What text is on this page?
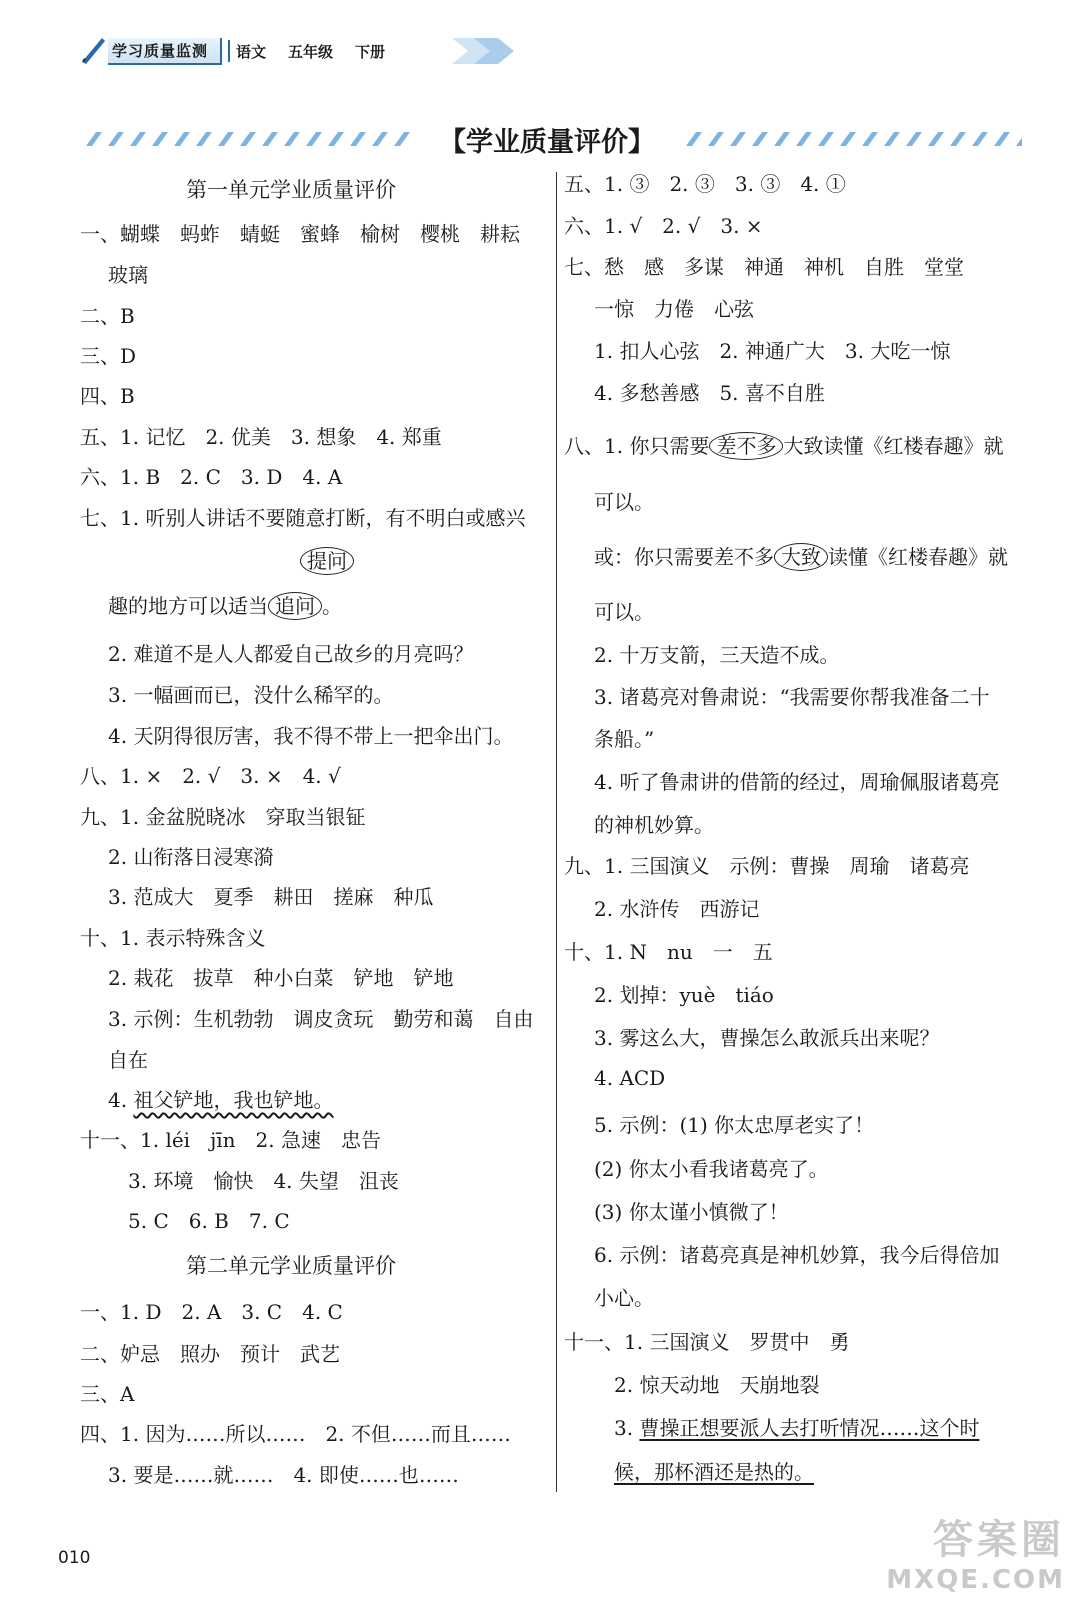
学习质量监测	语文 五年级 下册
【学业质量评价】
第一单元学业质量评价
一、蝴蝶　蚂蚱　蜻蜓　蜜蜂　榆树　樱桃　耕耘
玻璃
二、B
三、D
四、B
五、1. 记忆　2. 优美　3. 想象　4. 郑重
六、1. B　2. C　3. D　4. A
七、1. 听别人讲话不要随意打断，有不明白或感兴
提问
趣的地方可以适当 追问 。
2. 难道不是人人都爱自己故乡的月亮吗？
3. 一幅画而已，没什么稀罕的。
4. 天阴得很厉害，我不得不带上一把伞出门。
八、1. ×　2. √　3. ×　4. √
九、1. 金盆脱晓冰　穿取当银钲
2. 山衔落日浸寒漪
3. 范成大　夏季　耕田　搓麻　种瓜
十、1. 表示特殊含义
2. 栽花　拔草　种小白菜　铲地　铲地
3. 示例：生机勃勃　调皮贪玩　勤劳和蔼　自由
自在
4. 祖父铲地，我也铲地。
十一、1. léi　jīn　2. 急速　忠告
3. 环境　愉快　4. 失望　沮丧
5. C　6. B　7. C
第二单元学业质量评价
一、1. D　2. A　3. C　4. C
二、妒忌　照办　预计　武艺
三、A
四、1. 因为……所以……　2. 不但……而且……
3. 要是……就……　4. 即使……也……
五、1. ③　2. ③　3. ③　4. ①
六、1. √　2. √　3. ×
七、愁　感　多谋　神通　神机　自胜　堂堂
一惊　力倦　心弦
1. 扣人心弦　2. 神通广大　3. 大吃一惊
4. 多愁善感　5. 喜不自胜
八、1. 你只需要 差不多 大致读懂《红楼春趣》就
可以。
或：你只需要差不多 大致 读懂《红楼春趣》就
可以。
2. 十万支箭，三天造不成。
3. 诸葛亮对鲁肃说：“我需要你帮我准备二十
条船。”
4. 听了鲁肃讲的借箭的经过，周瑜佩服诸葛亮
的神机妙算。
九、1. 三国演义　示例：曹操　周瑜　诸葛亮
2. 水浒传　西游记
十、1. N　nu　一　五
2. 划掉：yuè　tiáo
3. 雾这么大，曹操怎么敢派兵出来呢？
4. ACD
5. 示例：(1) 你太忠厚老实了！
(2) 你太小看我诸葛亮了。
(3) 你太谨小慎微了！
6. 示例：诸葛亮真是神机妙算，我今后得倍加
小心。
十一、1. 三国演义　罗贯中　勇
2. 惊天动地　天崩地裂
3. 曹操正想要派人去打听情况……这个时
候，那杯酒还是热的。
010	答案圈
MXQE.COM
